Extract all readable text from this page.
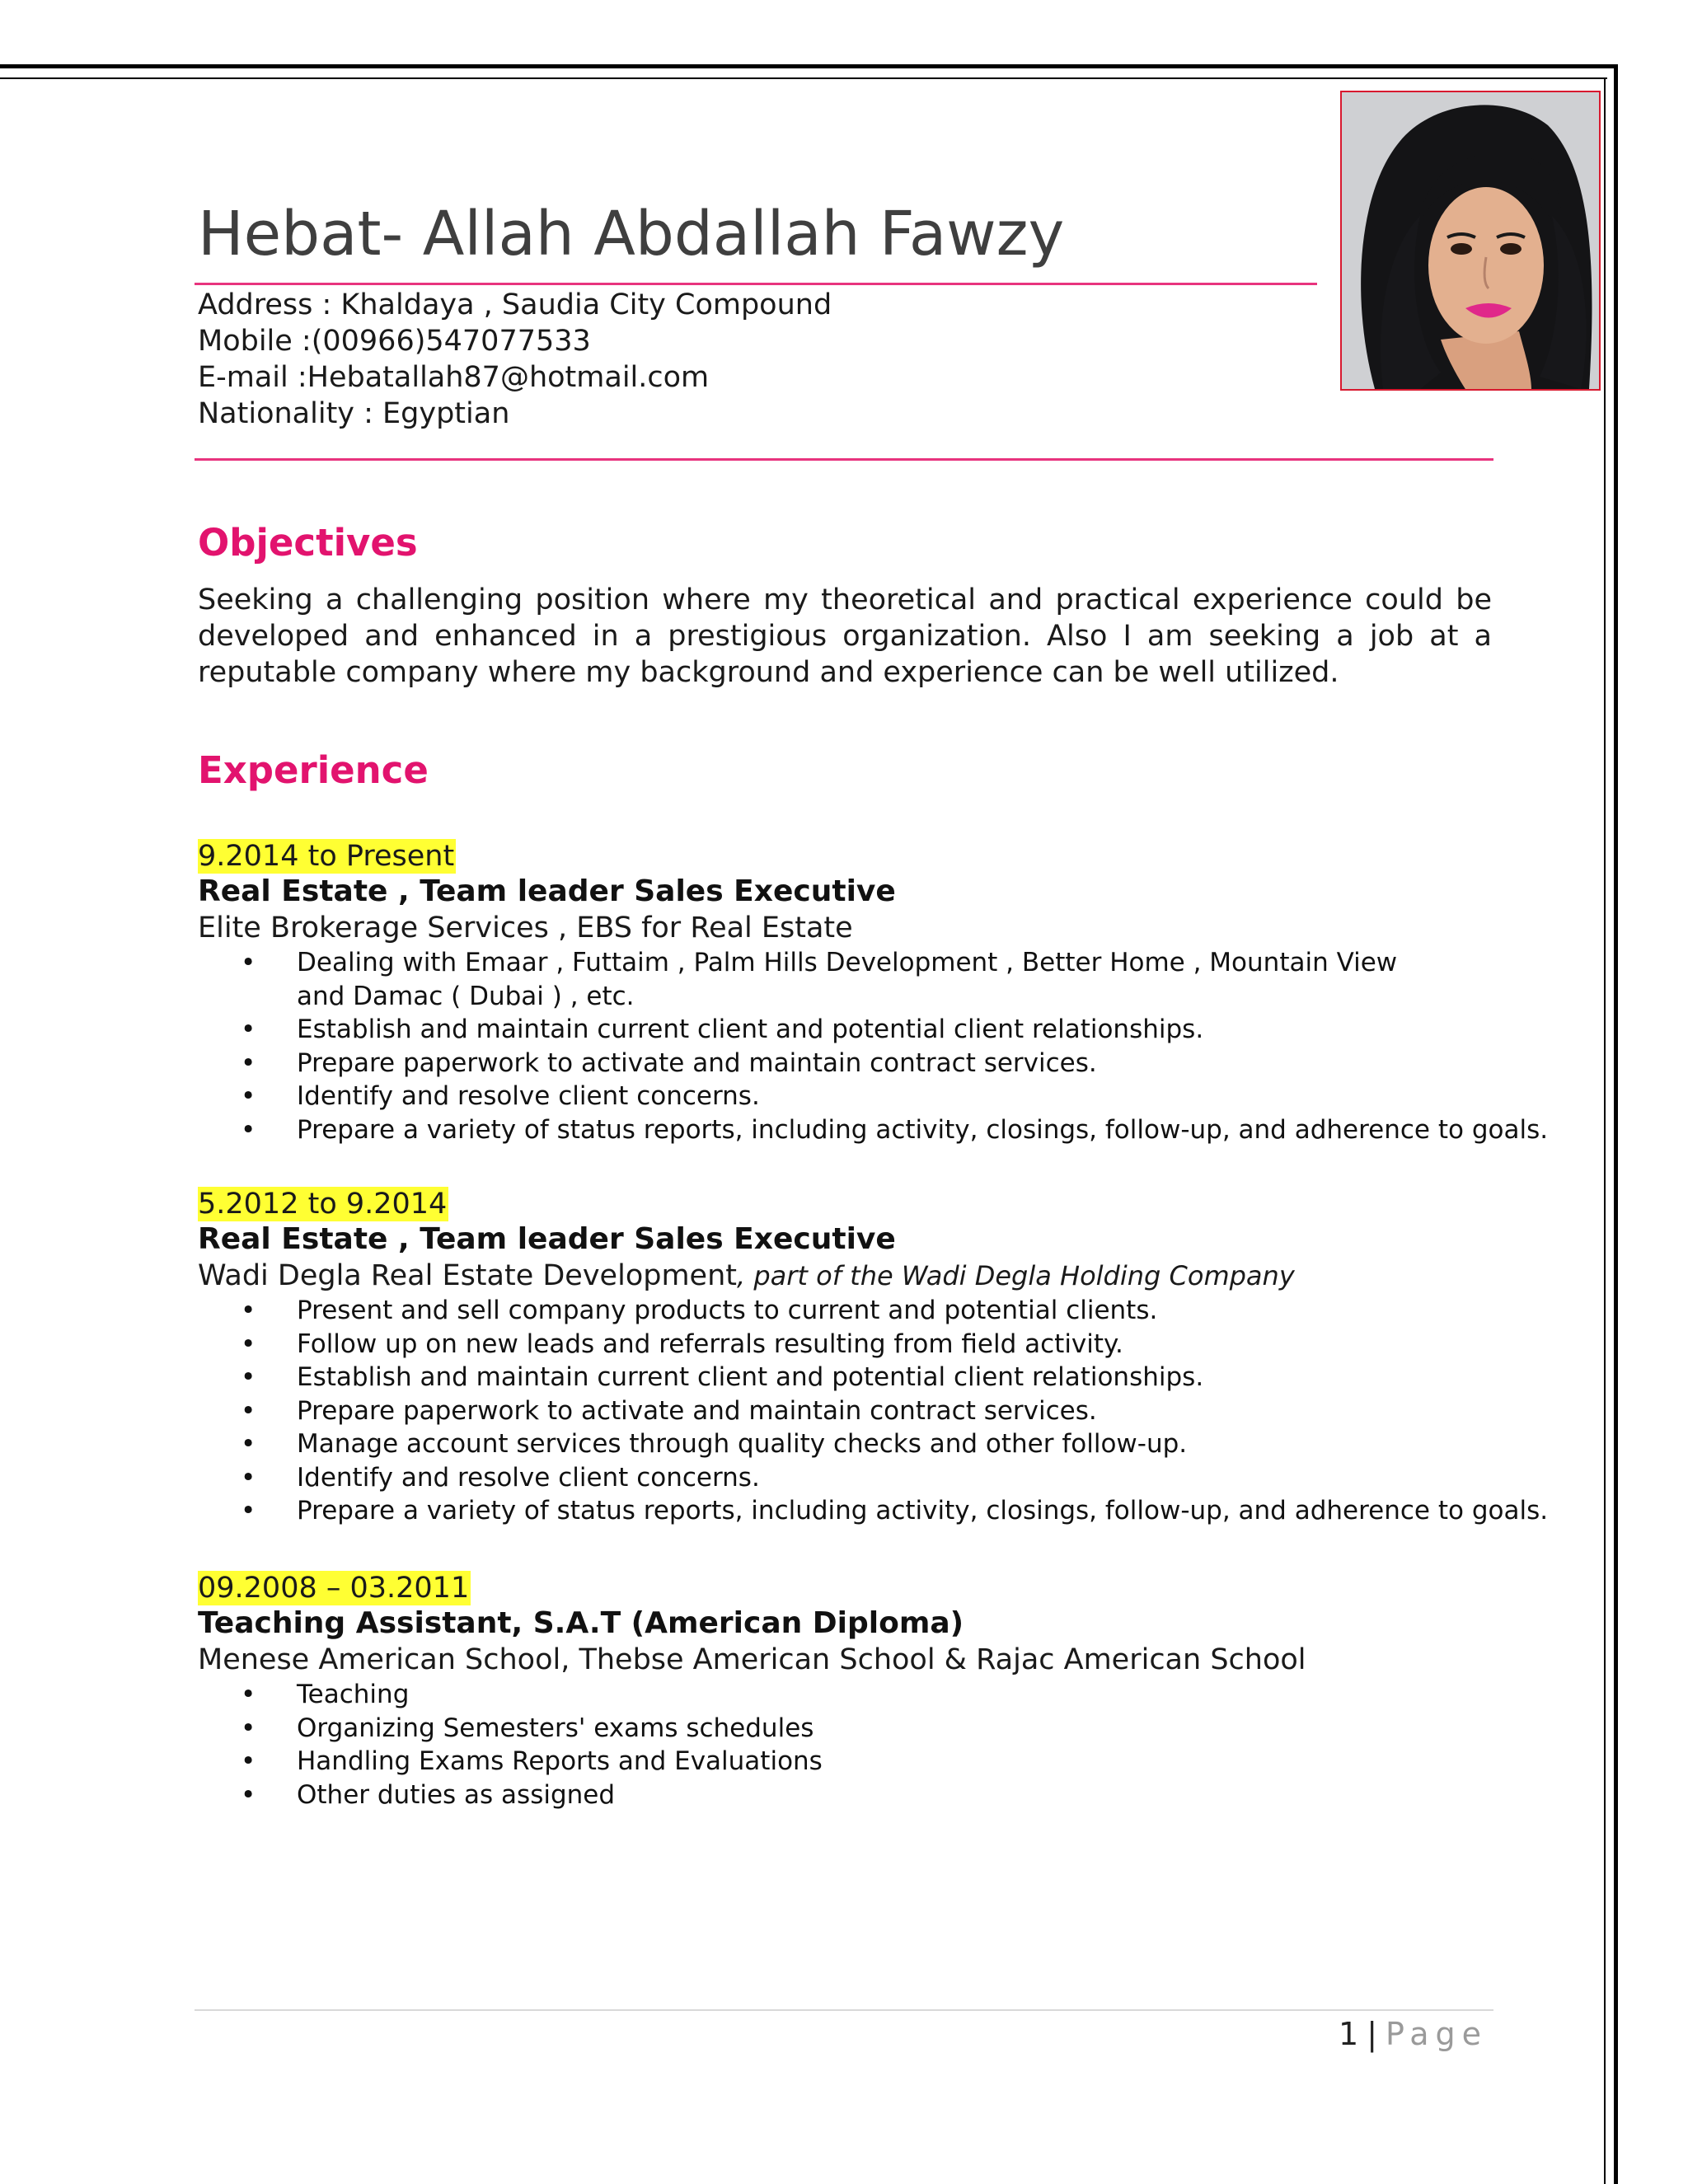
Hebat- Allah Abdallah Fawzy
Address : Khaldaya , Saudia City Compound
Mobile :(00966)547077533
E-mail :Hebatallah87@hotmail.com
Nationality : Egyptian
Objectives

Seeking a challenging position where my theoretical and practical experience could be developed and enhanced in a prestigious organization. Also I am seeking a job at a reputable company where my background and experience can be well utilized.

Experience
9.2014 to Present
Real Estate , Team leader Sales Executive
Elite Brokerage Services , EBS for Real Estate
• Dealing with Emaar , Futtaim , Palm Hills Development , Better Home , Mountain View and Damac ( Dubai ) , etc.
• Establish and maintain current client and potential client relationships.
• Prepare paperwork to activate and maintain contract services.
• Identify and resolve client concerns.
• Prepare a variety of status reports, including activity, closings, follow-up, and adherence to goals.
5.2012 to 9.2014
Real Estate , Team leader Sales Executive
Wadi Degla Real Estate Development, part of the Wadi Degla Holding Company
• Present and sell company products to current and potential clients.
• Follow up on new leads and referrals resulting from field activity.
• Establish and maintain current client and potential client relationships.
• Prepare paperwork to activate and maintain contract services.
• Manage account services through quality checks and other follow-up.
• Identify and resolve client concerns.
• Prepare a variety of status reports, including activity, closings, follow-up, and adherence to goals.
09.2008 – 03.2011
Teaching Assistant, S.A.T (American Diploma)
Menese American School, Thebse American School & Rajac American School
• Teaching
• Organizing Semesters' exams schedules
• Handling Exams Reports and Evaluations
• Other duties as assigned
1 | Page
